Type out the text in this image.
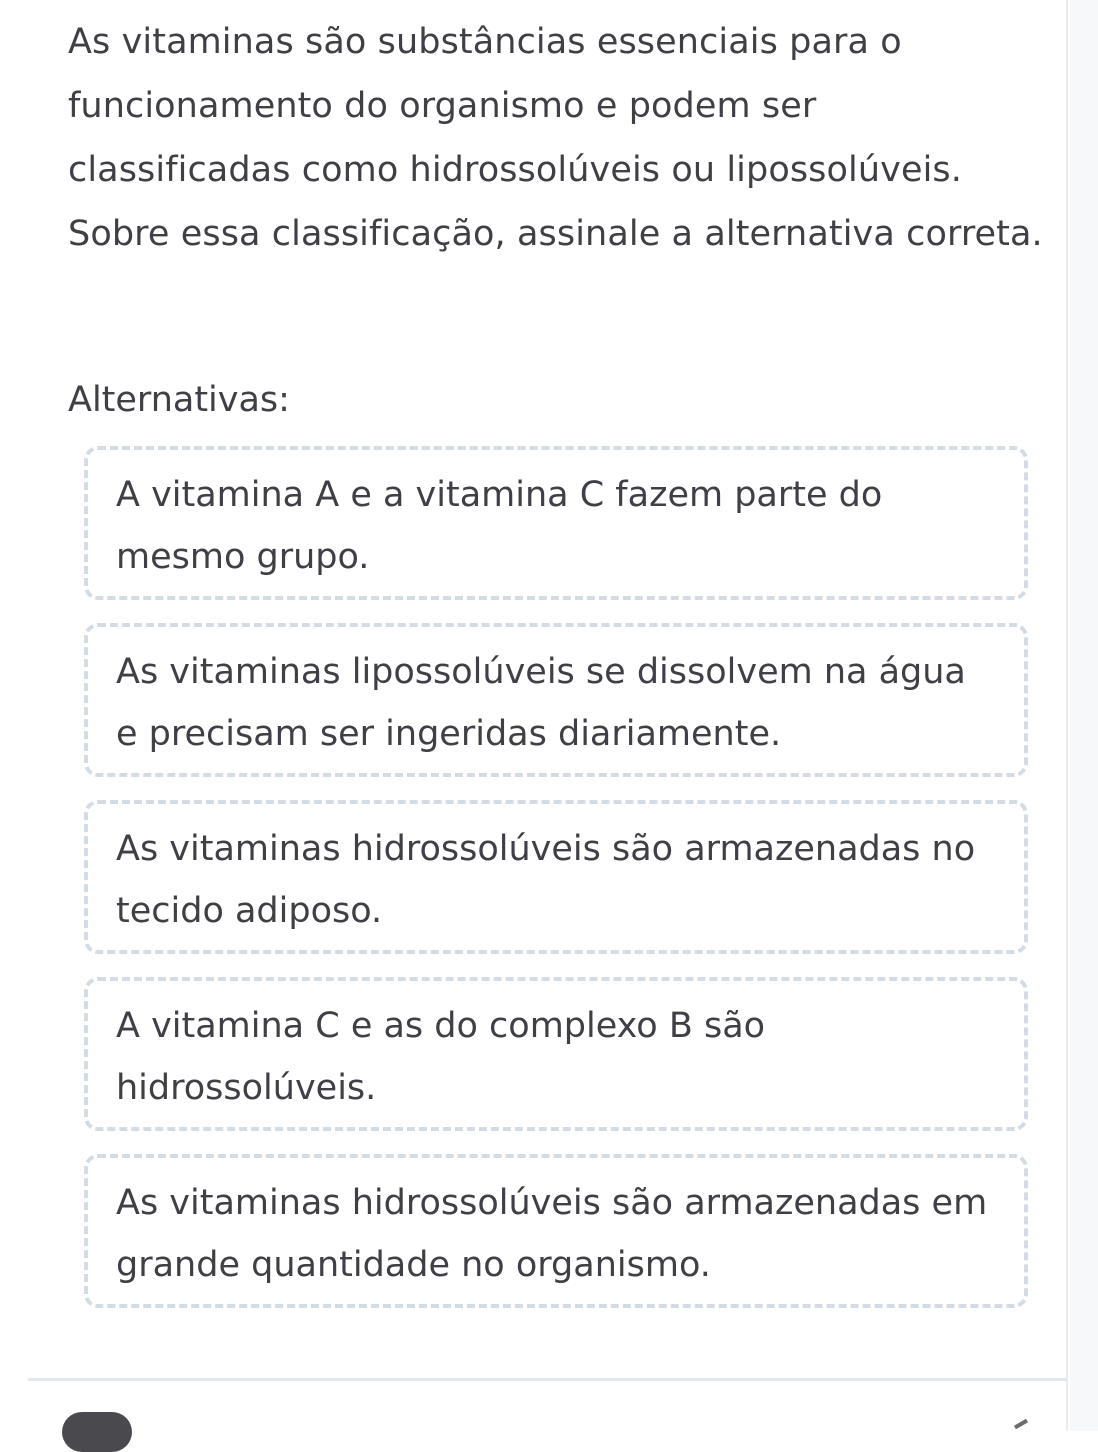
As vitaminas são substâncias essenciais para o funcionamento do organismo e podem ser classificadas como hidrossolúveis ou lipossolúveis. Sobre essa classificação, assinale a alternativa correta.

Alternativas:

A vitamina A e a vitamina C fazem parte do mesmo grupo.
As vitaminas lipossolúveis se dissolvem na água e precisam ser ingeridas diariamente.
As vitaminas hidrossolúveis são armazenadas no tecido adiposo.
A vitamina C e as do complexo B são hidrossolúveis.
As vitaminas hidrossolúveis são armazenadas em grande quantidade no organismo.
